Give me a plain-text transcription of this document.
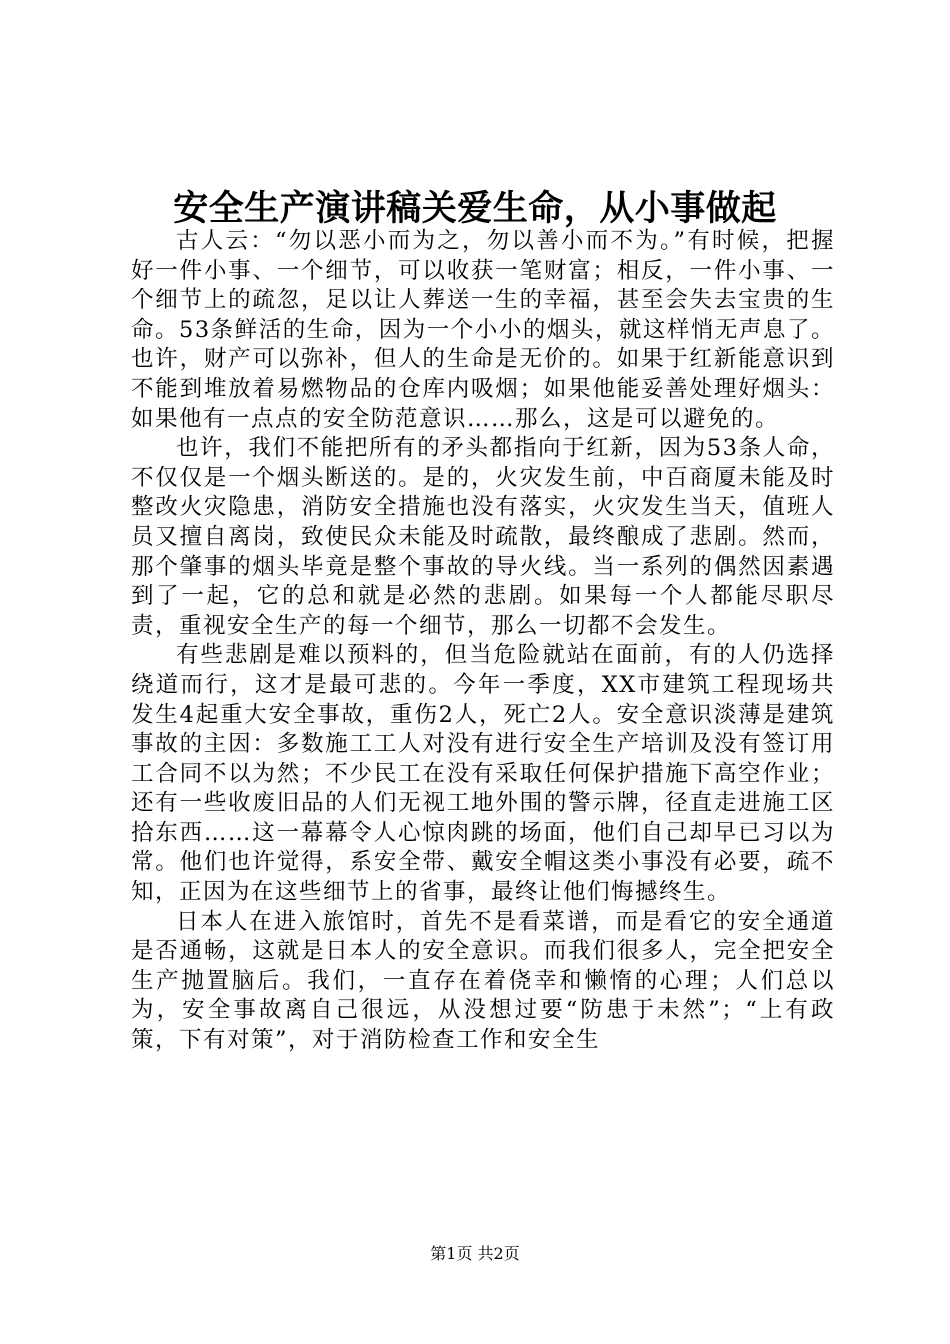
安全生产演讲稿关爱生命，从小事做起

古人云：“勿以恶小而为之，勿以善小而不为。”有时候，把握好一件小事、一个细节，可以收获一笔财富；相反，一件小事、一个细节上的疏忽，足以让人葬送一生的幸福，甚至会失去宝贵的生命。53条鲜活的生命，因为一个小小的烟头，就这样悄无声息了。也许，财产可以弥补，但人的生命是无价的。如果于红新能意识到不能到堆放着易燃物品的仓库内吸烟；如果他能妥善处理好烟头：如果他有一点点的安全防范意识……那么，这是可以避免的。

也许，我们不能把所有的矛头都指向于红新，因为53条人命，不仅仅是一个烟头断送的。是的，火灾发生前，中百商厦未能及时整改火灾隐患，消防安全措施也没有落实，火灾发生当天，值班人员又擅自离岗，致使民众未能及时疏散，最终酿成了悲剧。然而，那个肇事的烟头毕竟是整个事故的导火线。当一系列的偶然因素遇到了一起，它的总和就是必然的悲剧。如果每一个人都能尽职尽责，重视安全生产的每一个细节，那么一切都不会发生。

有些悲剧是难以预料的，但当危险就站在面前，有的人仍选择绕道而行，这才是最可悲的。今年一季度，XX市建筑工程现场共发生4起重大安全事故，重伤2人，死亡2人。安全意识淡薄是建筑事故的主因：多数施工工人对没有进行安全生产培训及没有签订用工合同不以为然；不少民工在没有采取任何保护措施下高空作业；还有一些收废旧品的人们无视工地外围的警示牌，径直走进施工区拾东西……这一幕幕令人心惊肉跳的场面，他们自己却早已习以为常。他们也许觉得，系安全带、戴安全帽这类小事没有必要，疏不知，正因为在这些细节上的省事，最终让他们悔撼终生。

日本人在进入旅馆时，首先不是看菜谱，而是看它的安全通道是否通畅，这就是日本人的安全意识。而我们很多人，完全把安全生产抛置脑后。我们，一直存在着侥幸和懒惰的心理；人们总以为，安全事故离自己很远，从没想过要“防患于未然”；“上有政策，下有对策”，对于消防检查工作和安全生

第1页 共2页
